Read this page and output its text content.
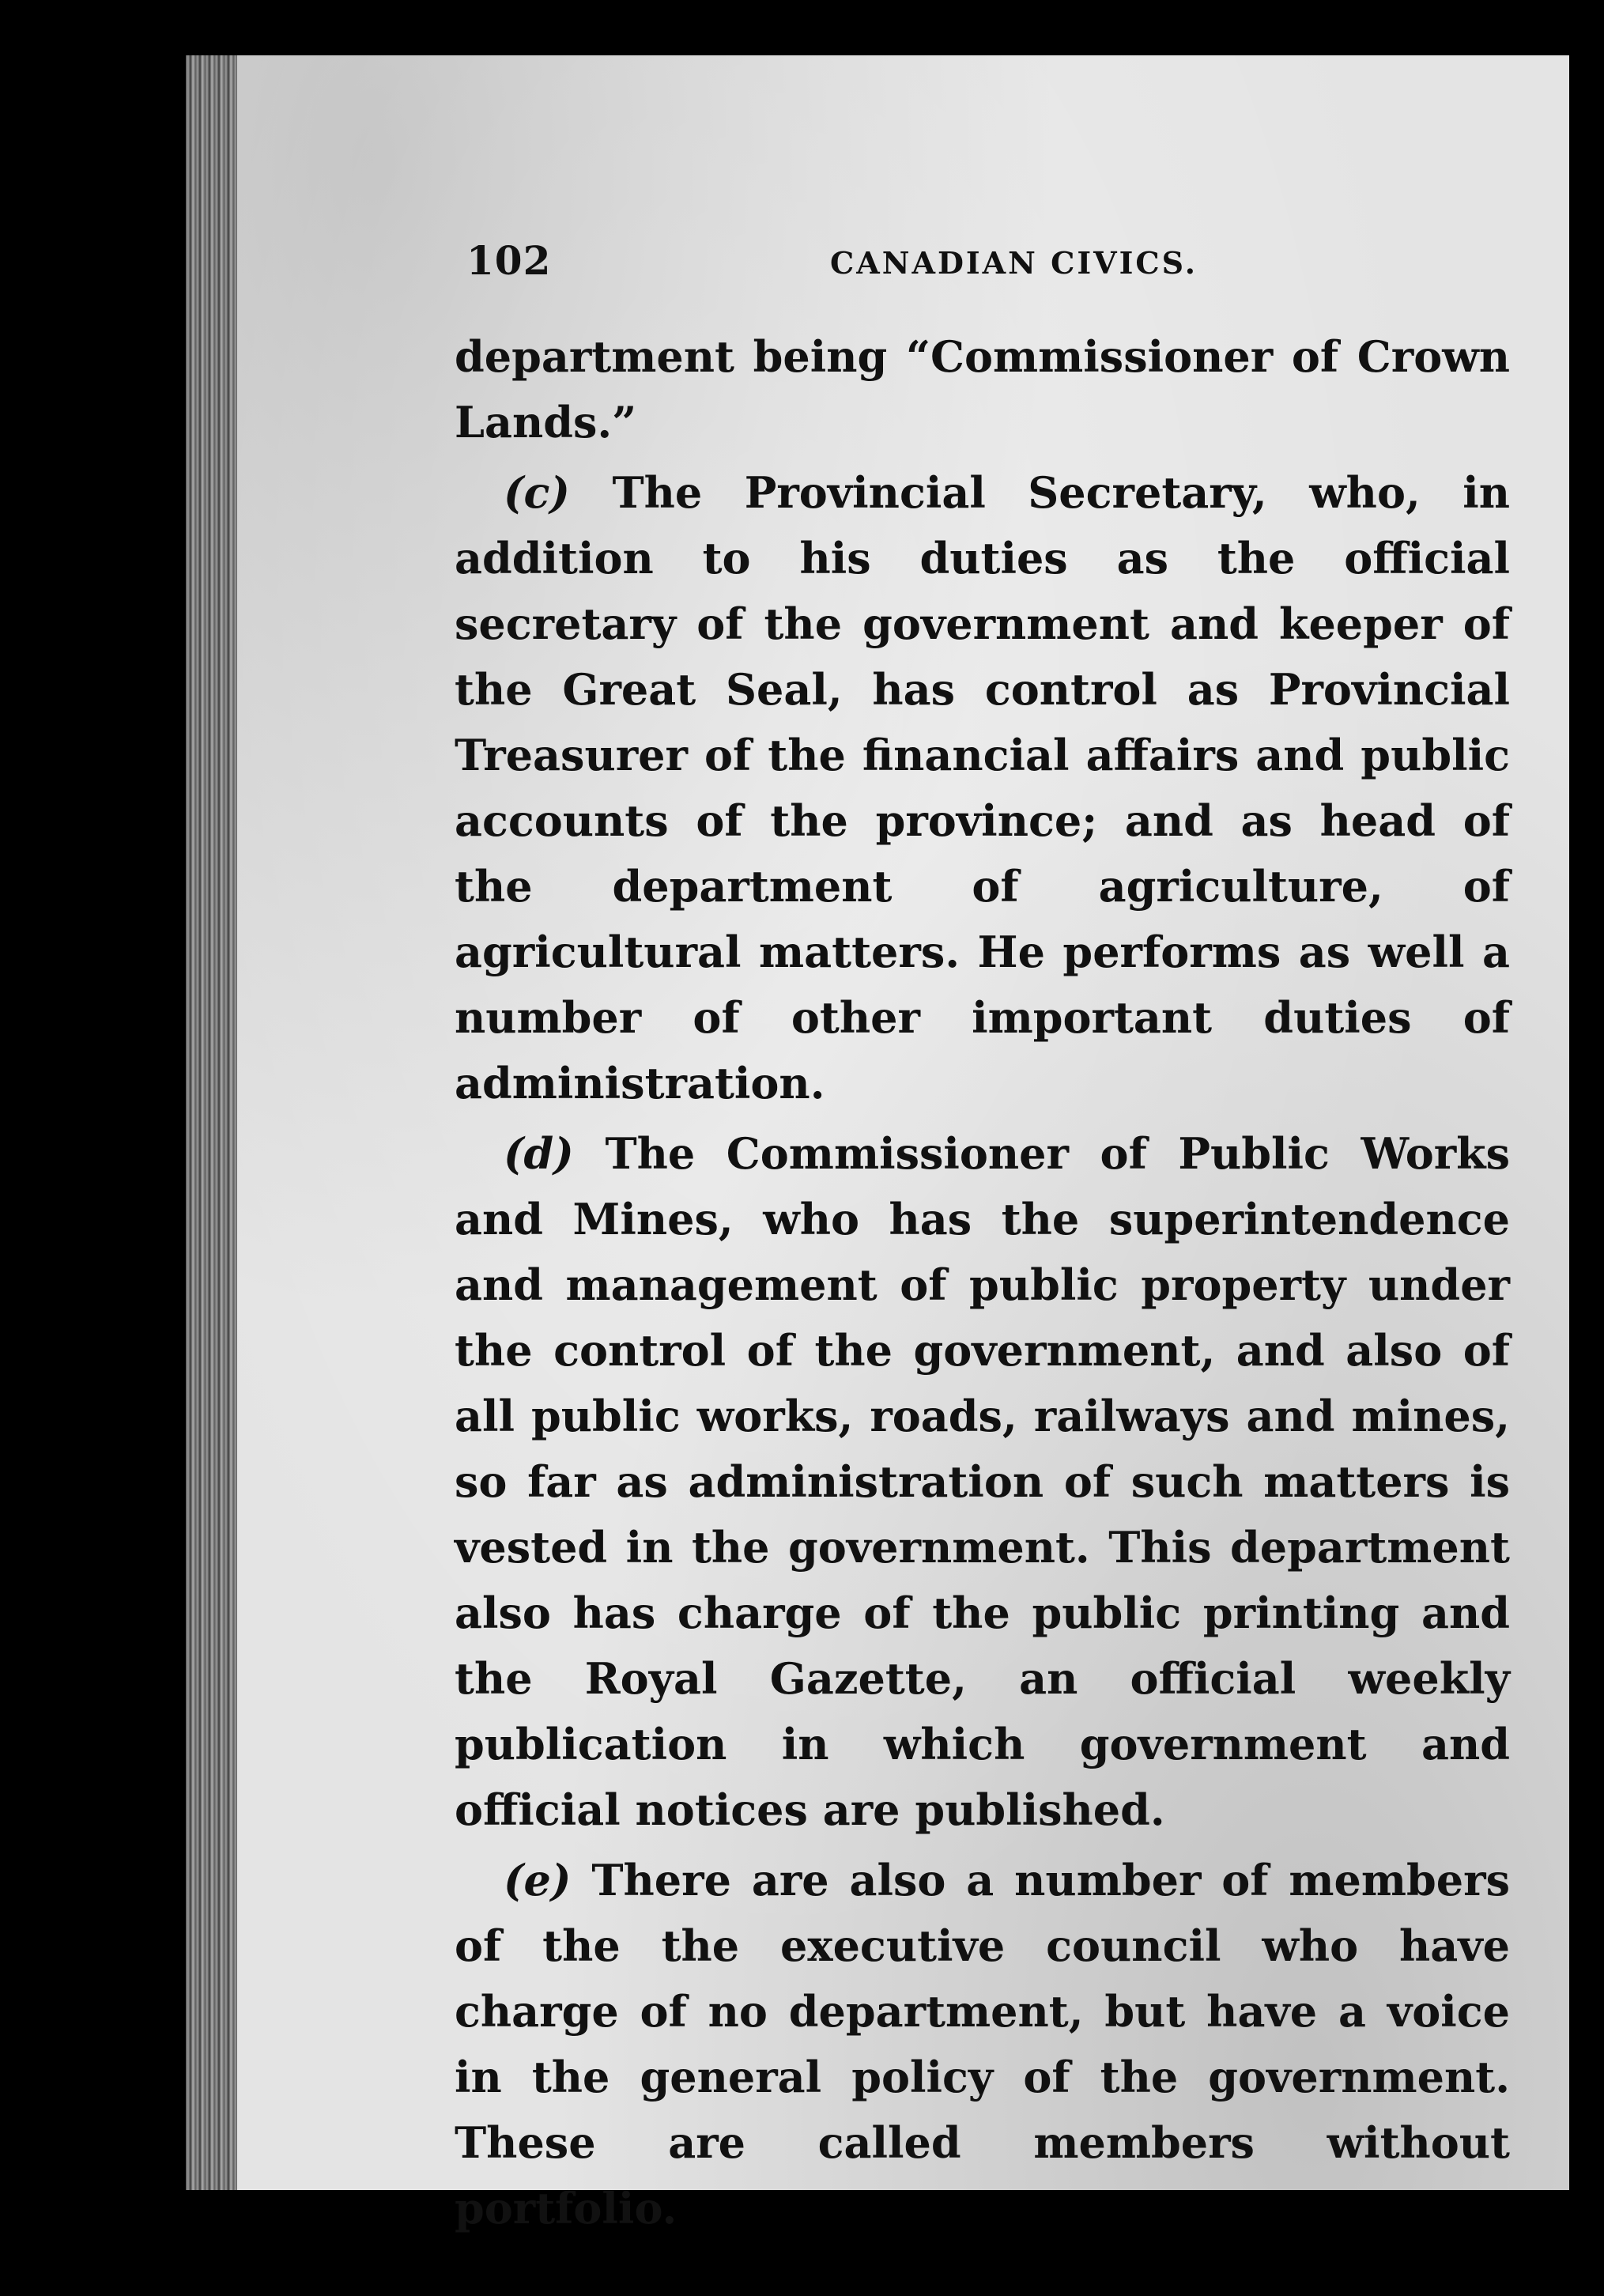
102	CANADIAN CIVICS.

department being “Commissioner of Crown Lands.”

(c) The Provincial Secretary, who, in addition to his duties as the official secretary of the government and keeper of the Great Seal, has control as Provincial Treasurer of the financial affairs and public accounts of the province; and as head of the department of agriculture, of agricultural matters. He performs as well a number of other important duties of administration.

(d) The Commissioner of Public Works and Mines, who has the superintendence and management of public property under the control of the government, and also of all public works, roads, railways and mines, so far as administration of such matters is vested in the government. This department also has charge of the public printing and the Royal Gazette, an official weekly publication in which government and official notices are published.

(e) There are also a number of members of the the executive council who have charge of no department, but have a voice in the general policy of the government. These are called members without portfolio.
